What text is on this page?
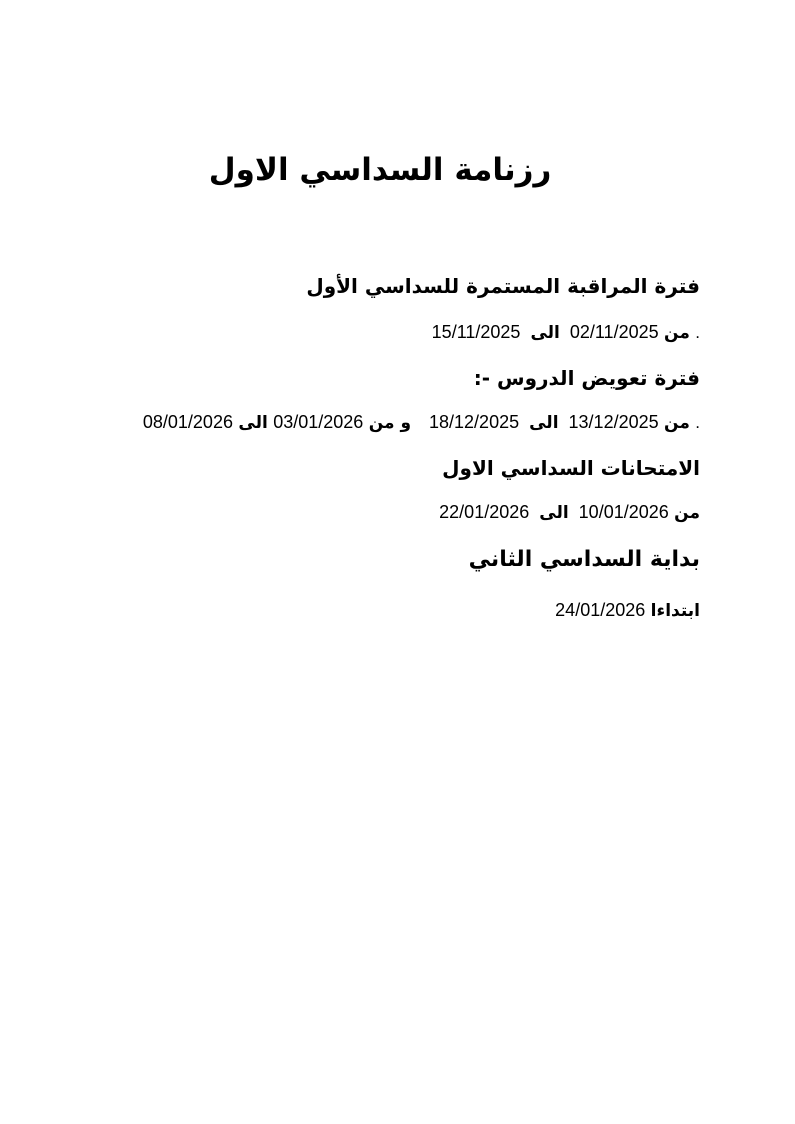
رزنامة السداسي الاول
فترة المراقبة المستمرة للسداسي الأول
. من 02/11/2025الى15/11/2025
فترة تعويض الدروس -:
. من 13/12/2025الى18/12/2025و من 03/01/2026 الى 08/01/2026
الامتحانات السداسي الاول
من 10/01/2026الى22/01/2026
بداية السداسي الثاني
ابتداءا 24/01/2026
